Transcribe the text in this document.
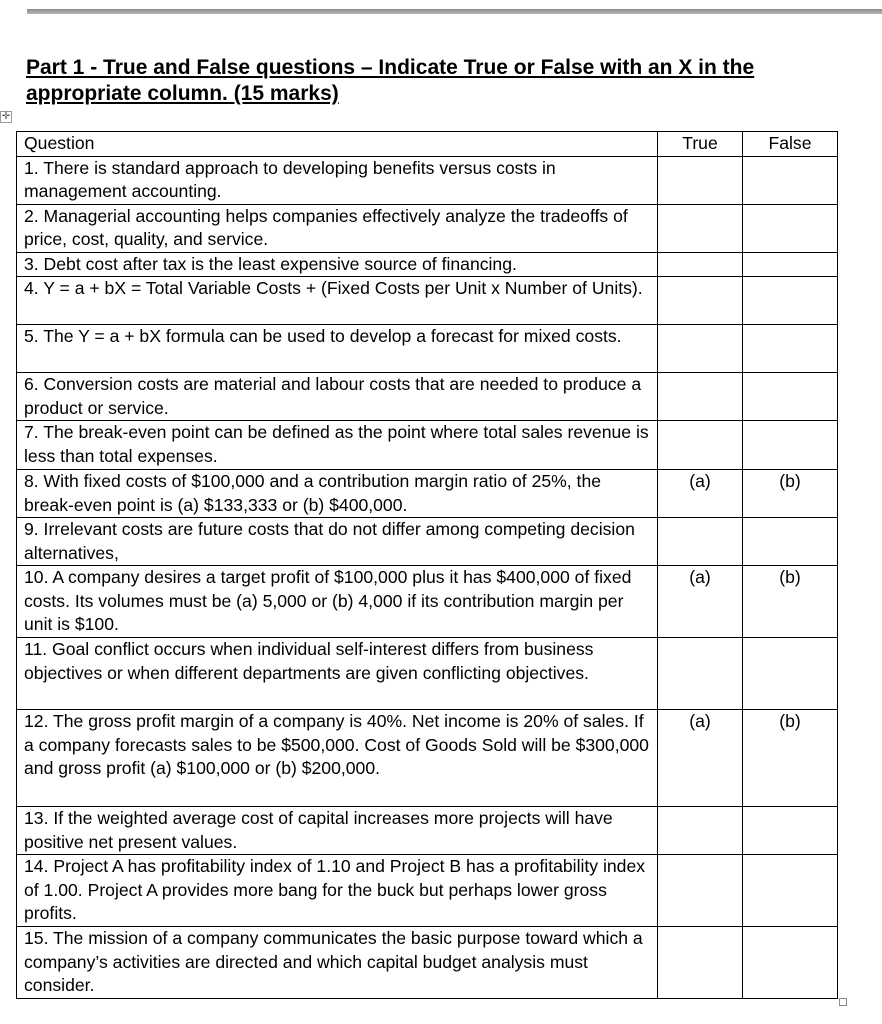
Part 1 - True and False questions – Indicate True or False with an X in the appropriate column. (15 marks)
✛
Question	True	False

1. There is standard approach to developing benefits versus costs in management accounting.		

2. Managerial accounting helps companies effectively analyze the tradeoffs of price, cost, quality, and service.		

3. Debt cost after tax is the least expensive source of financing.		

4. Y = a + bX = Total Variable Costs + (Fixed Costs per Unit x Number of Units).		

5. The Y = a + bX formula can be used to develop a forecast for mixed costs.		

6. Conversion costs are material and labour costs that are needed to produce a product or service.		

7. The break-even point can be defined as the point where total sales revenue is less than total expenses.		

8. With fixed costs of $100,000 and a contribution margin ratio of 25%, the break-even point is (a) $133,333 or (b) $400,000.	(a)	(b)

9. Irrelevant costs are future costs that do not differ among competing decision alternatives,		

10. A company desires a target profit of $100,000 plus it has $400,000 of fixed costs. Its volumes must be (a) 5,000 or (b) 4,000 if its contribution margin per unit is $100.	(a)	(b)

11. Goal conflict occurs when individual self-interest differs from business objectives or when different departments are given conflicting objectives.		

12. The gross profit margin of a company is 40%. Net income is 20% of sales. If a company forecasts sales to be $500,000. Cost of Goods Sold will be $300,000 and gross profit (a) $100,000 or (b) $200,000.	(a)	(b)

13. If the weighted average cost of capital increases more projects will have positive net present values.		

14. Project A has profitability index of 1.10 and Project B has a profitability index of 1.00. Project A provides more bang for the buck but perhaps lower gross profits.		

15. The mission of a company communicates the basic purpose toward which a company’s activities are directed and which capital budget analysis must consider.		
